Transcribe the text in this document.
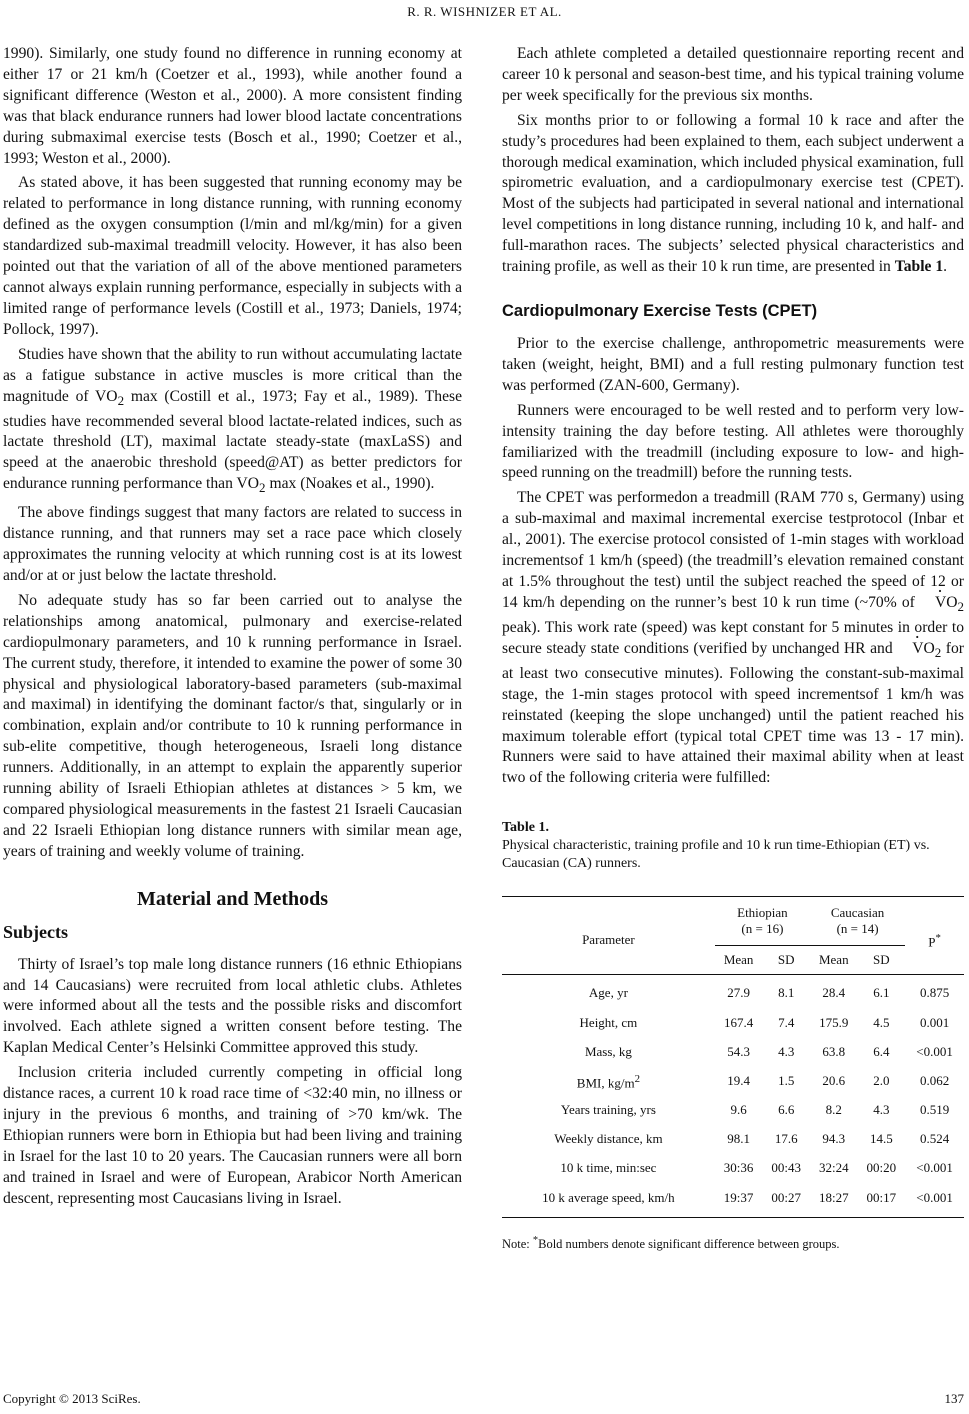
R. R. WISHNIZER ET AL.

1990). Similarly, one study found no difference in running economy at either 17 or 21 km/h (Coetzer et al., 1993), while another found a significant difference (Weston et al., 2000). A more consistent finding was that black endurance runners had lower blood lactate concentrations during submaximal exercise tests (Bosch et al., 1990; Coetzer et al., 1993; Weston et al., 2000).

As stated above, it has been suggested that running economy may be related to performance in long distance running, with running economy defined as the oxygen consumption (l/min and ml/kg/min) for a given standardized sub-maximal treadmill velocity. However, it has also been pointed out that the variation of all of the above mentioned parameters cannot always explain running performance, especially in subjects with a limited range of performance levels (Costill et al., 1973; Daniels, 1974; Pollock, 1997).

Studies have shown that the ability to run without accumulating lactate as a fatigue substance in active muscles is more critical than the magnitude of $VO_2$ max (Costill et al., 1973; Fay et al., 1989). These studies have recommended several blood lactate-related indices, such as lactate threshold (LT), maximal lactate steady-state (maxLaSS) and speed at the anaerobic threshold (speed@AT) as better predictors for endurance running performance than $VO_2$ max (Noakes et al., 1990).

The above findings suggest that many factors are related to success in distance running, and that runners may set a race pace which closely approximates the running velocity at which running cost is at its lowest and/or at or just below the lactate threshold.

No adequate study has so far been carried out to analyse the relationships among anatomical, pulmonary and exercise-related cardiopulmonary parameters, and 10 k running performance in Israel. The current study, therefore, it intended to examine the power of some 30 physical and physiological laboratory-based parameters (sub-maximal and maximal) in identifying the dominant factor/s that, singularly or in combination, explain and/or contribute to 10 k running performance in sub-elite competitive, though heterogeneous, Israeli long distance runners. Additionally, in an attempt to explain the apparently superior running ability of Israeli Ethiopian athletes at distances > 5 km, we compared physiological measurements in the fastest 21 Israeli Caucasian and 22 Israeli Ethiopian long distance runners with similar mean age, years of training and weekly volume of training.

Material and Methods
Subjects

Thirty of Israel’s top male long distance runners (16 ethnic Ethiopians and 14 Caucasians) were recruited from local athletic clubs. Athletes were informed about all the tests and the possible risks and discomfort involved. Each athlete signed a written consent before testing. The Kaplan Medical Center’s Helsinki Committee approved this study.

Inclusion criteria included currently competing in official long distance races, a current 10 k road race time of <32:40 min, no illness or injury in the previous 6 months, and training of >70 km/wk. The Ethiopian runners were born in Ethiopia but had been living and training in Israel for the last 10 to 20 years. The Caucasian runners were all born and trained in Israel and were of European, Arabicor North American descent, representing most Caucasians living in Israel.

Each athlete completed a detailed questionnaire reporting recent and career 10 k personal and season-best time, and his typical training volume per week specifically for the previous six months.

Six months prior to or following a formal 10 k race and after the study’s procedures had been explained to them, each subject underwent a thorough medical examination, which included physical examination, full spirometric evaluation, and a cardiopulmonary exercise test (CPET). Most of the subjects had participated in several national and international level competitions in long distance running, including 10 k, and half- and full-marathon races. The subjects’ selected physical characteristics and training profile, as well as their 10 k run time, are presented in Table 1.

Cardiopulmonary Exercise Tests (CPET)

Prior to the exercise challenge, anthropometric measurements were taken (weight, height, BMI) and a full resting pulmonary function test was performed (ZAN-600, Germany).

Runners were encouraged to be well rested and to perform very low-intensity training the day before testing. All athletes were thoroughly familiarized with the treadmill (including exposure to low- and high-speed running on the treadmill) before the running tests.

The CPET was performedon a treadmill (RAM 770 s, Germany) using a sub-maximal and maximal incremental exercise testprotocol (Inbar et al., 2001). The exercise protocol consisted of 1-min stages with workload incrementsof 1 km/h (speed) (the treadmill’s elevation remained constant at 1.5% throughout the test) until the subject reached the speed of 12 or 14 km/h depending on the runner’s best 10 k run time (~70% of · $VO_2$ peak). This work rate (speed) was kept constant for 5 minutes in order to secure steady state conditions (verified by unchanged HR and · $VO_2$ for at least two consecutive minutes). Following the constant-sub-maximal stage, the 1-min stages protocol with speed incrementsof 1 km/h was reinstated (keeping the slope unchanged) until the patient reached his maximum tolerable effort (typical total CPET time was 13 - 17 min). Runners were said to have attained their maximal ability when at least two of the following criteria were fulfilled:

Table 1.
Physical characteristic, training profile and 10 k run time-Ethiopian (ET) vs. Caucasian (CA) runners.
Parameter	Ethiopian
(n = 16)		Caucasian
(n = 14)		P*
	Mean	SD	Mean	SD	
Age, yr	27.9	8.1	28.4	6.1	0.875
Height, cm	167.4	7.4	175.9	4.5	0.001
Mass, kg	54.3	4.3	63.8	6.4	<0.001
BMI, $kg/m^2$	19.4	1.5	20.6	2.0	0.062
Years training, yrs	9.6	6.6	8.2	4.3	0.519
Weekly distance, km	98.1	17.6	94.3	14.5	0.524
10 k time, min:sec	30:36	00:43	32:24	00:20	<0.001
10 k average speed, km/h	19:37	00:27	18:27	00:17	<0.001
Note: *Bold numbers denote significant difference between groups.
Copyright © 2013 SciRes.	137
